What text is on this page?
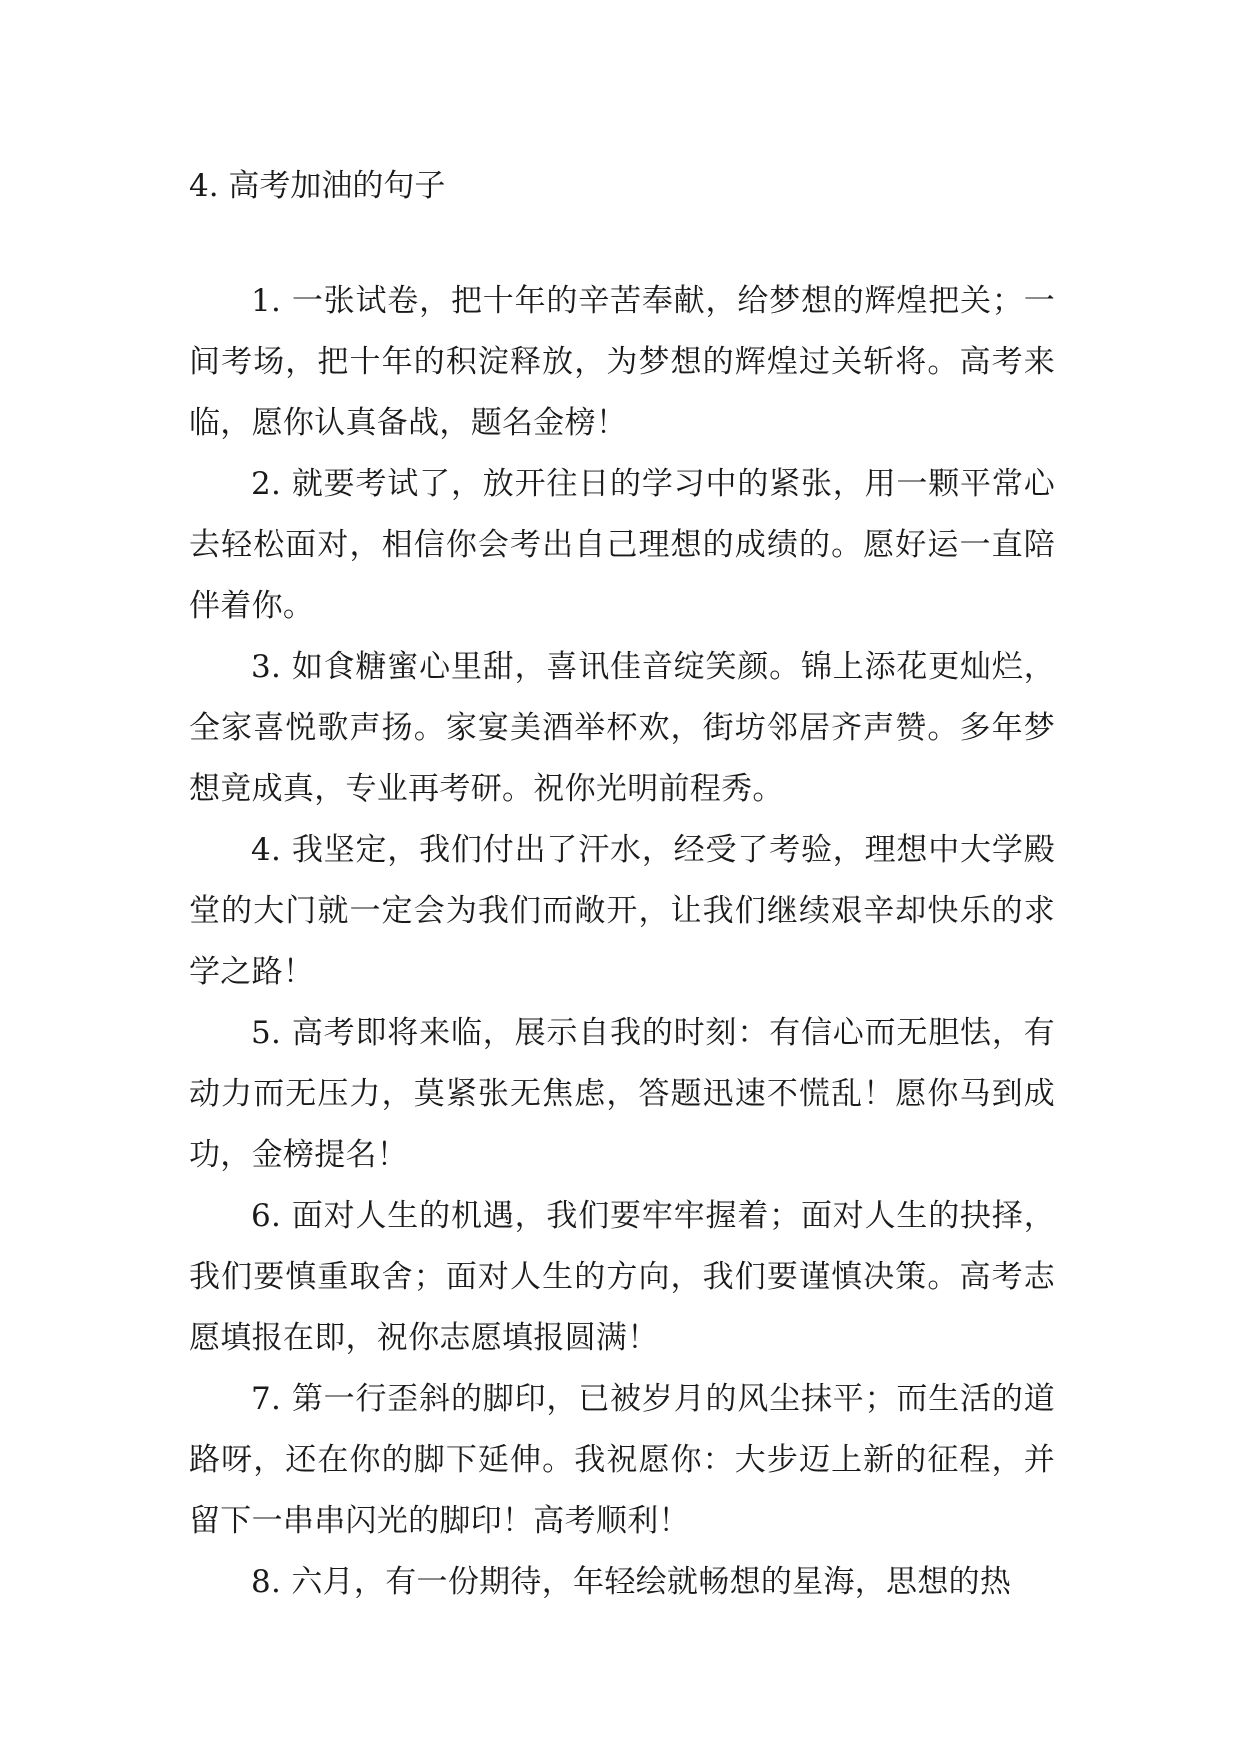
4. 高考加油的句子

1. 一张试卷，把十年的辛苦奉献，给梦想的辉煌把关；一间考场，把十年的积淀释放，为梦想的辉煌过关斩将。高考来临，愿你认真备战，题名金榜！

2. 就要考试了，放开往日的学习中的紧张，用一颗平常心去轻松面对，相信你会考出自己理想的成绩的。愿好运一直陪伴着你。

3. 如食糖蜜心里甜，喜讯佳音绽笑颜。锦上添花更灿烂，全家喜悦歌声扬。家宴美酒举杯欢，街坊邻居齐声赞。多年梦想竟成真，专业再考研。祝你光明前程秀。

4. 我坚定，我们付出了汗水，经受了考验，理想中大学殿堂的大门就一定会为我们而敞开，让我们继续艰辛却快乐的求学之路！

5. 高考即将来临，展示自我的时刻：有信心而无胆怯，有动力而无压力，莫紧张无焦虑，答题迅速不慌乱！愿你马到成功，金榜提名！

6. 面对人生的机遇，我们要牢牢握着；面对人生的抉择，我们要慎重取舍；面对人生的方向，我们要谨慎决策。高考志愿填报在即，祝你志愿填报圆满！

7. 第一行歪斜的脚印，已被岁月的风尘抹平；而生活的道路呀，还在你的脚下延伸。我祝愿你：大步迈上新的征程，并留下一串串闪光的脚印！高考顺利！

8. 六月，有一份期待，年轻绘就畅想的星海，思想的热
